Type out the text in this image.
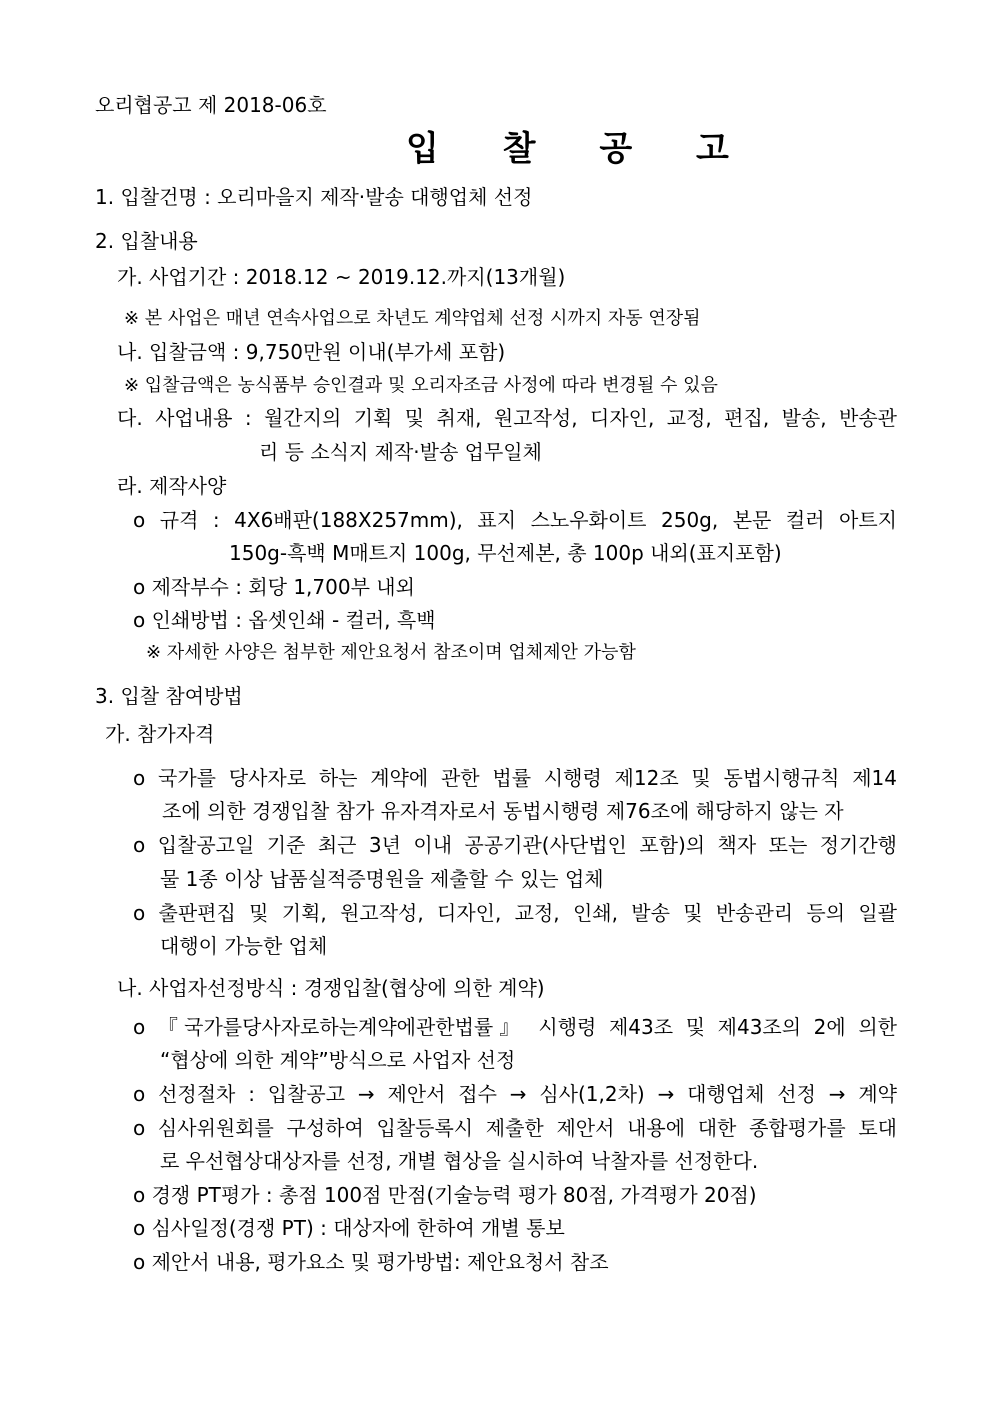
오리협공고 제 2018-06호
입 찰 공 고
1. 입찰건명 : 오리마을지 제작·발송 대행업체 선정
2. 입찰내용
가. 사업기간 : 2018.12 ~ 2019.12.까지(13개월)
※ 본 사업은 매년 연속사업으로 차년도 계약업체 선정 시까지 자동 연장됨
나. 입찰금액 : 9,750만원 이내(부가세 포함)
※ 입찰금액은 농식품부 승인결과 및 오리자조금 사정에 따라 변경될 수 있음
다. 사업내용 : 월간지의 기획 및 취재, 원고작성, 디자인, 교정, 편집, 발송, 반송관
리 등 소식지 제작·발송 업무일체
라. 제작사양
o 규격 : 4X6배판(188X257mm), 표지 스노우화이트 250g, 본문 컬러 아트지
150g-흑백 M매트지 100g, 무선제본, 총 100p 내외(표지포함)
o 제작부수 : 회당 1,700부 내외
o 인쇄방법 : 옵셋인쇄 - 컬러, 흑백
※ 자세한 사양은 첨부한 제안요청서 참조이며 업체제안 가능함
3. 입찰 참여방법
가. 참가자격
o 국가를 당사자로 하는 계약에 관한 법률 시행령 제12조 및 동법시행규칙 제14
조에 의한 경쟁입찰 참가 유자격자로서 동법시행령 제76조에 해당하지 않는 자
o 입찰공고일 기준 최근 3년 이내 공공기관(사단법인 포함)의 책자 또는 정기간행
물 1종 이상 납품실적증명원을 제출할 수 있는 업체
o 출판편집 및 기획, 원고작성, 디자인, 교정, 인쇄, 발송 및 반송관리 등의 일괄
대행이 가능한 업체
나. 사업자선정방식 : 경쟁입찰(협상에 의한 계약)
o 『국가를당사자로하는계약에관한법률』 시행령 제43조 및 제43조의 2에 의한
“협상에 의한 계약”방식으로 사업자 선정
o 선정절차 : 입찰공고 → 제안서 접수 → 심사(1,2차) → 대행업체 선정 → 계약
o 심사위원회를 구성하여 입찰등록시 제출한 제안서 내용에 대한 종합평가를 토대
로 우선협상대상자를 선정, 개별 협상을 실시하여 낙찰자를 선정한다.
o 경쟁 PT평가 : 총점 100점 만점(기술능력 평가 80점, 가격평가 20점)
o 심사일정(경쟁 PT) : 대상자에 한하여 개별 통보
o 제안서 내용, 평가요소 및 평가방법: 제안요청서 참조
